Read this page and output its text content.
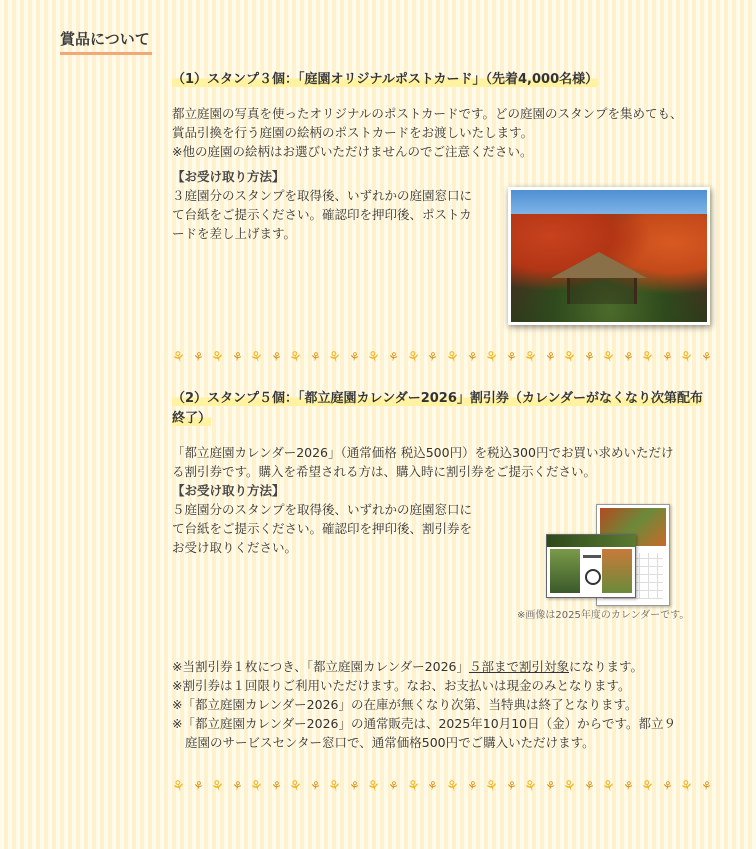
賞品について

（1）スタンプ３個：「庭園オリジナルポストカード」（先着4,000名様）

都立庭園の写真を使ったオリジナルのポストカードです。どの庭園のスタンプを集めても、

賞品引換を行う庭園の絵柄のポストカードをお渡しいたします。

※他の庭園の絵柄はお選びいただけませんのでご注意ください。

【お受け取り方法】

３庭園分のスタンプを取得後、いずれかの庭園窓口に

て台紙をご提示ください。確認印を押印後、ポストカ

ードを差し上げます。

⚘ ⚘ ⚘ ⚘ ⚘ ⚘ ⚘ ⚘ ⚘ ⚘ ⚘ ⚘ ⚘ ⚘ ⚘ ⚘ ⚘ ⚘ ⚘ ⚘ ⚘ ⚘ ⚘ ⚘ ⚘ ⚘ ⚘ ⚘

（2）スタンプ５個：「都立庭園カレンダー2026」割引券（カレンダーがなくなり次第配布

終了）

「都立庭園カレンダー2026」（通常価格 税込500円）を税込300円でお買い求めいただけ

る割引券です。購入を希望される方は、購入時に割引券をご提示ください。

【お受け取り方法】

５庭園分のスタンプを取得後、いずれかの庭園窓口に

て台紙をご提示ください。確認印を押印後、割引券を

お受け取りください。

※画像は2025年度のカレンダーです。

※当割引券１枚につき、「都立庭園カレンダー2026」５部まで割引対象になります。

※割引券は１回限りご利用いただけます。なお、お支払いは現金のみとなります。

※「都立庭園カレンダー2026」の在庫が無くなり次第、当特典は終了となります。

※「都立庭園カレンダー2026」の通常販売は、2025年10月10日（金）からです。都立９

庭園のサービスセンター窓口で、通常価格500円でご購入いただけます。

⚘ ⚘ ⚘ ⚘ ⚘ ⚘ ⚘ ⚘ ⚘ ⚘ ⚘ ⚘ ⚘ ⚘ ⚘ ⚘ ⚘ ⚘ ⚘ ⚘ ⚘ ⚘ ⚘ ⚘ ⚘ ⚘ ⚘ ⚘
